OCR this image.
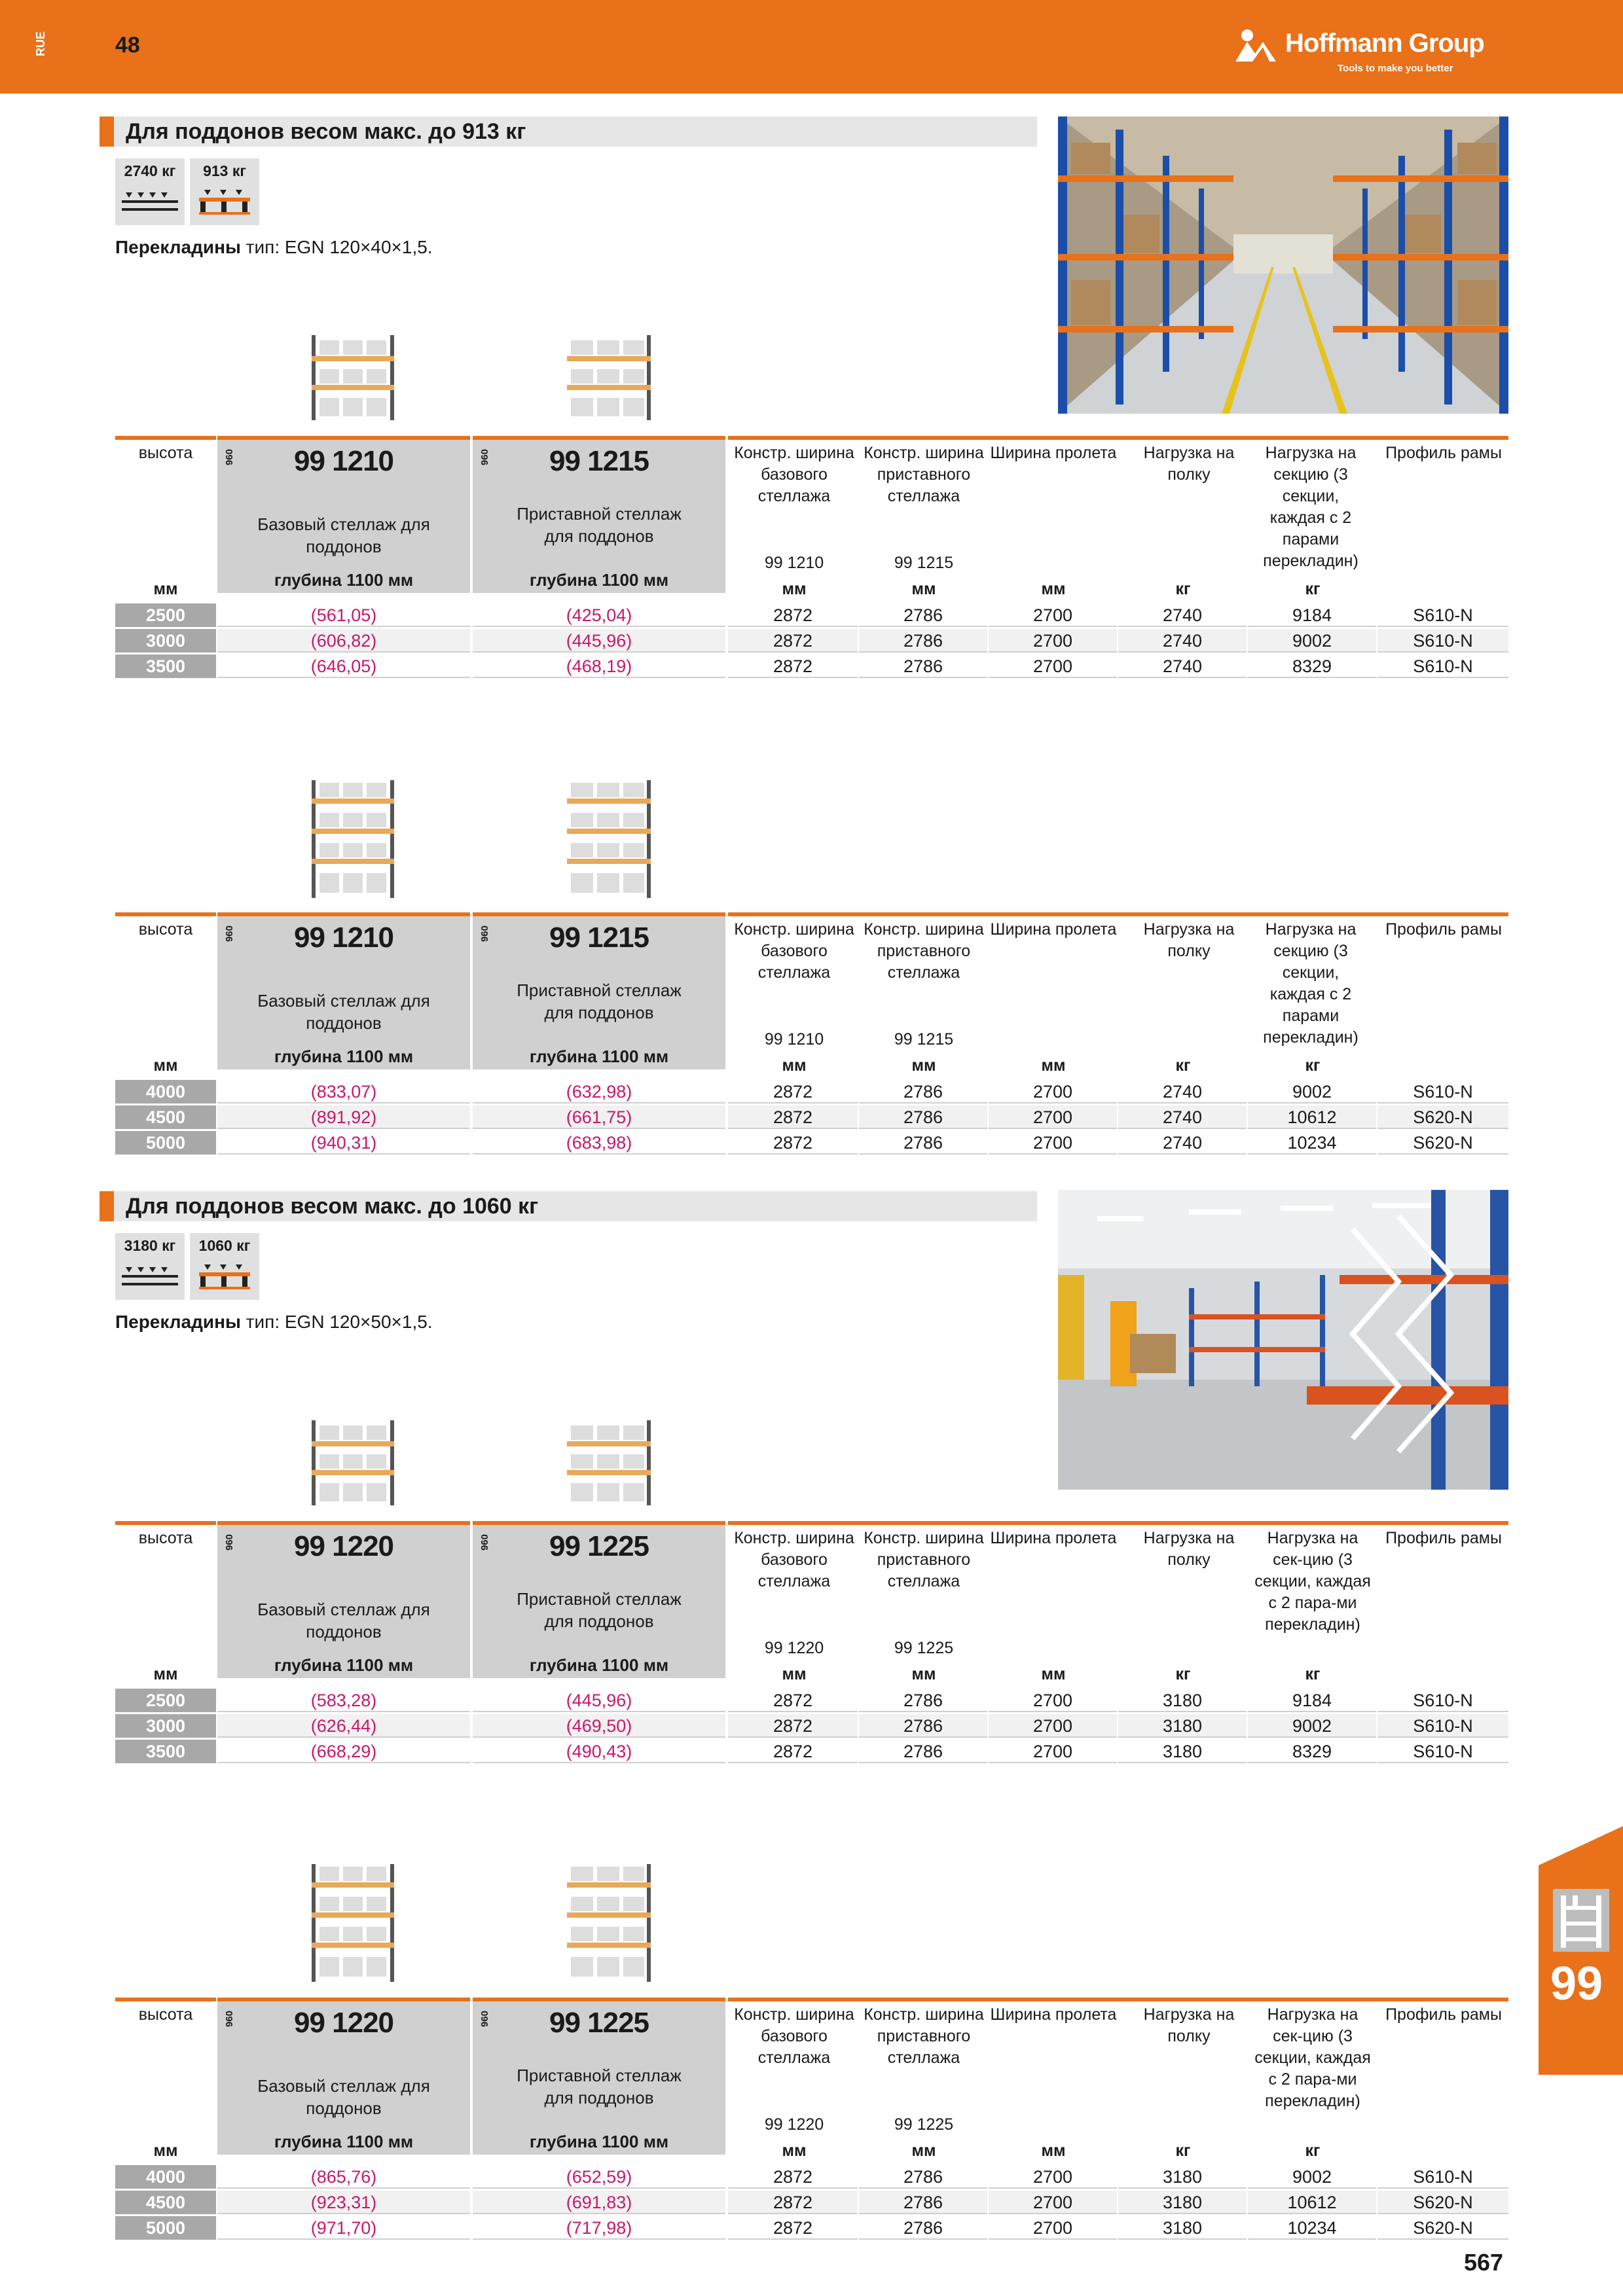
RUE	48	Hoffmann Group
Tools to make you better
Для поддонов весом макс. до 913 кг
2740 кг	913 кг
Перекладины тип: EGN 120×40×1,5.
высота
мм
960	99 1210
Базовый стеллаж для поддонов
глубина 1100 мм
960	99 1215
Приставной стеллаж для поддонов
глубина 1100 мм
Констр. ширина базового стеллажа
99 1210
мм
Констр. ширина приставного стеллажа
99 1215
мм
Ширина пролета
мм
Нагрузка на полку
кг
Нагрузка на секцию (3 секции, каждая с 2 парами перекладин)
кг
Профиль рамы
2500	(561,05)	(425,04)	2872	2786	2700	2740	9184	S610-N
3000	(606,82)	(445,96)	2872	2786	2700	2740	9002	S610-N
3500	(646,05)	(468,19)	2872	2786	2700	2740	8329	S610-N
высота
мм
960	99 1210
Базовый стеллаж для поддонов
глубина 1100 мм
960	99 1215
Приставной стеллаж для поддонов
глубина 1100 мм
Констр. ширина базового стеллажа
99 1210
мм
Констр. ширина приставного стеллажа
99 1215
мм
Ширина пролета
мм
Нагрузка на полку
кг
Нагрузка на секцию (3 секции, каждая с 2 парами перекладин)
кг
Профиль рамы
4000	(833,07)	(632,98)	2872	2786	2700	2740	9002	S610-N
4500	(891,92)	(661,75)	2872	2786	2700	2740	10612	S620-N
5000	(940,31)	(683,98)	2872	2786	2700	2740	10234	S620-N
Для поддонов весом макс. до 1060 кг
3180 кг	1060 кг
Перекладины тип: EGN 120×50×1,5.
высота
мм
960	99 1220
Базовый стеллаж для поддонов
глубина 1100 мм
960	99 1225
Приставной стеллаж для поддонов
глубина 1100 мм
Констр. ширина базового стеллажа
99 1220
мм
Констр. ширина приставного стеллажа
99 1225
мм
Ширина пролета
мм
Нагрузка на полку
кг
Нагрузка на сек-цию (3 секции, каждая с 2 пара-ми перекладин)
кг
Профиль рамы
2500	(583,28)	(445,96)	2872	2786	2700	3180	9184	S610-N
3000	(626,44)	(469,50)	2872	2786	2700	3180	9002	S610-N
3500	(668,29)	(490,43)	2872	2786	2700	3180	8329	S610-N
высота
мм
960	99 1220
Базовый стеллаж для поддонов
глубина 1100 мм
960	99 1225
Приставной стеллаж для поддонов
глубина 1100 мм
Констр. ширина базового стеллажа
99 1220
мм
Констр. ширина приставного стеллажа
99 1225
мм
Ширина пролета
мм
Нагрузка на полку
кг
Нагрузка на сек-цию (3 секции, каждая с 2 пара-ми перекладин)
кг
Профиль рамы
4000	(865,76)	(652,59)	2872	2786	2700	3180	9002	S610-N
4500	(923,31)	(691,83)	2872	2786	2700	3180	10612	S620-N
5000	(971,70)	(717,98)	2872	2786	2700	3180	10234	S620-N
99
567
